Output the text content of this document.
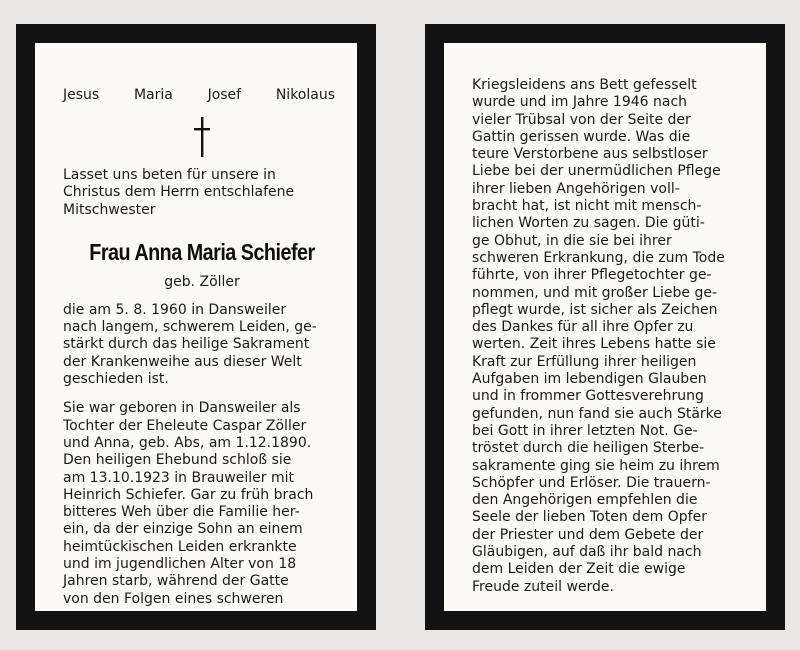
Jesus Maria Josef Nikolaus
Lasset uns beten für unsere in
Christus dem Herrn entschlafene
Mitschwester
Frau Anna Maria Schiefer
geb. Zöller
die am 5. 8. 1960 in Dansweiler
nach langem, schwerem Leiden, ge-
stärkt durch das heilige Sakrament
der Krankenweihe aus dieser Welt
geschieden ist.
Sie war geboren in Dansweiler als
Tochter der Eheleute Caspar Zöller
und Anna, geb. Abs, am 1.12.1890.
Den heiligen Ehebund schloß sie
am 13.10.1923 in Brauweiler mit
Heinrich Schiefer. Gar zu früh brach
bitteres Weh über die Familie her-
ein, da der einzige Sohn an einem
heimtückischen Leiden erkrankte
und im jugendlichen Alter von 18
Jahren starb, während der Gatte
von den Folgen eines schweren
Kriegsleidens ans Bett gefesselt
wurde und im Jahre 1946 nach
vieler Trübsal von der Seite der
Gattin gerissen wurde. Was die
teure Verstorbene aus selbstloser
Liebe bei der unermüdlichen Pflege
ihrer lieben Angehörigen voll-
bracht hat, ist nicht mit mensch-
lichen Worten zu sagen. Die güti-
ge Obhut, in die sie bei ihrer
schweren Erkrankung, die zum Tode
führte, von ihrer Pflegetochter ge-
nommen, und mit großer Liebe ge-
pflegt wurde, ist sicher als Zeichen
des Dankes für all ihre Opfer zu
werten. Zeit ihres Lebens hatte sie
Kraft zur Erfüllung ihrer heiligen
Aufgaben im lebendigen Glauben
und in frommer Gottesverehrung
gefunden, nun fand sie auch Stärke
bei Gott in ihrer letzten Not. Ge-
tröstet durch die heiligen Sterbe-
sakramente ging sie heim zu ihrem
Schöpfer und Erlöser. Die trauern-
den Angehörigen empfehlen die
Seele der lieben Toten dem Opfer
der Priester und dem Gebete der
Gläubigen, auf daß ihr bald nach
dem Leiden der Zeit die ewige
Freude zuteil werde.
